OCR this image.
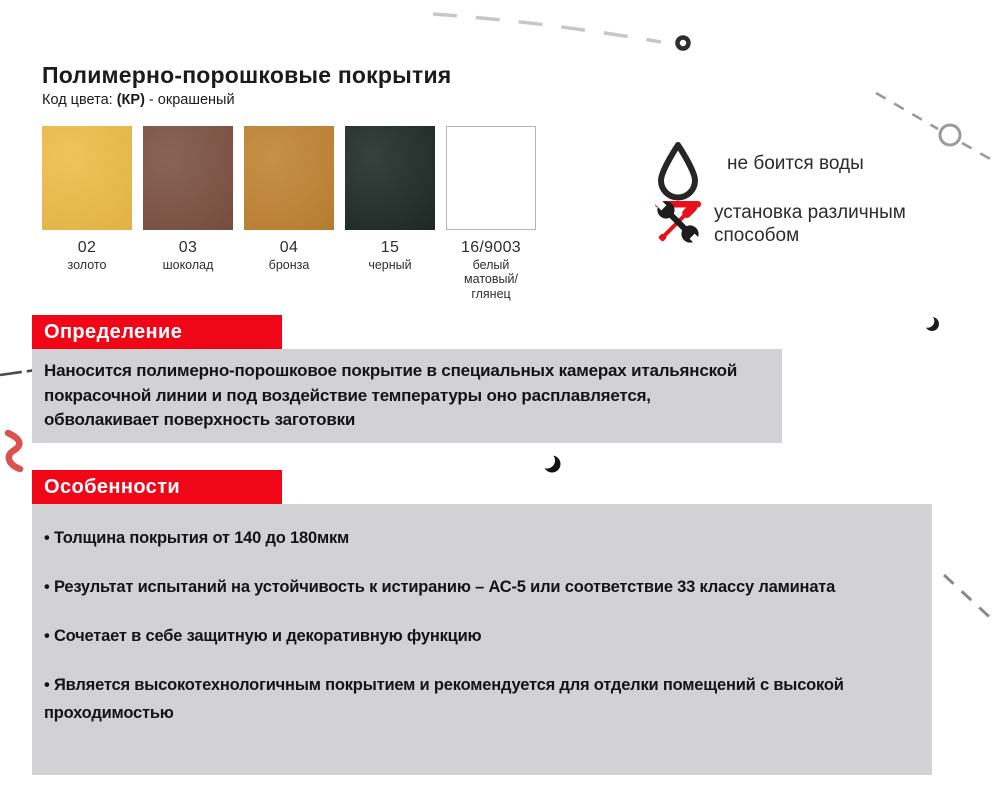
Полимерно-порошковые покрытия
Код цвета: (КР) - окрашеный
02
золото
03
шоколад
04
бронза
15
черный
16/9003
белый матовый/глянец
не боится воды
установка различным способом
Определение
Наносится полимерно-порошковое покрытие в специальных камерах итальянской покрасочной линии и под воздействие температуры оно расплавляется, обволакивает поверхность заготовки
Особенности
• Толщина покрытия от 140 до 180мкм
• Результат испытаний на устойчивость к истиранию – АС-5 или соответствие 33 классу ламината
• Сочетает в себе защитную и декоративную функцию
• Является высокотехнологичным покрытием и рекомендуется для отделки помещений с высокой проходимостью
